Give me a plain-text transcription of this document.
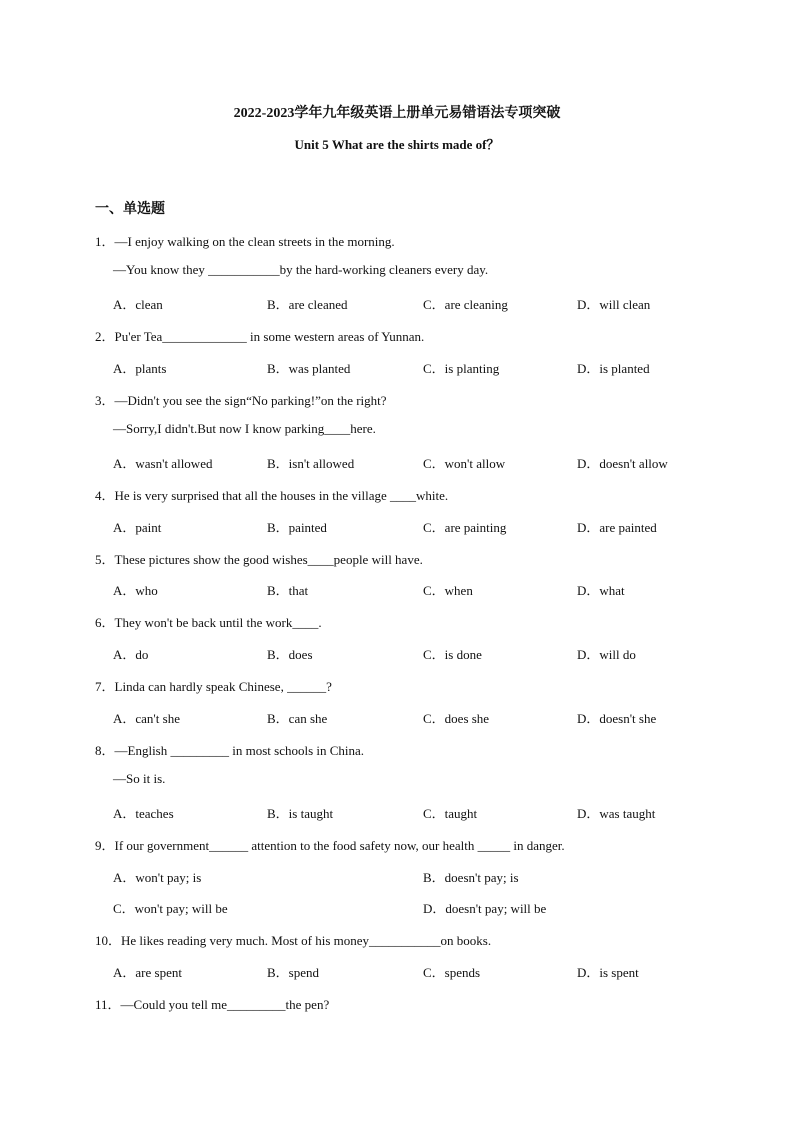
2022-2023学年九年级英语上册单元易错语法专项突破
Unit 5 What are the shirts made of？
一、单选题
1．—I enjoy walking on the clean streets in the morning.
—You know they ___________by the hard-working cleaners every day.
A．clean	B．are cleaned	C．are cleaning	D．will clean
2．Pu'er Tea_____________ in some western areas of Yunnan.
A．plants	B．was planted	C．is planting	D．is planted
3．—Didn't you see the sign“No parking!”on the right?
—Sorry,I didn't.But now I know parking____here.
A．wasn't allowed	B．isn't allowed	C．won't allow	D．doesn't allow
4．He is very surprised that all the houses in the village ____white.
A．paint	B．painted	C．are painting	D．are painted
5．These pictures show the good wishes____people will have.
A．who	B．that	C．when	D．what
6．They won't be back until the work____.
A．do	B．does	C．is done	D．will do
7．Linda can hardly speak Chinese, ______?
A．can't she	B．can she	C．does she	D．doesn't she
8．—English _________ in most schools in China.
—So it is.
A．teaches	B．is taught	C．taught	D．was taught
9．If our government______ attention to the food safety now, our health _____ in danger.
A．won't pay; is	B．doesn't pay; is
C．won't pay; will be	D．doesn't pay; will be
10．He likes reading very much. Most of his money___________on books.
A．are spent	B．spend	C．spends	D．is spent
11．—Could you tell me_________the pen?
